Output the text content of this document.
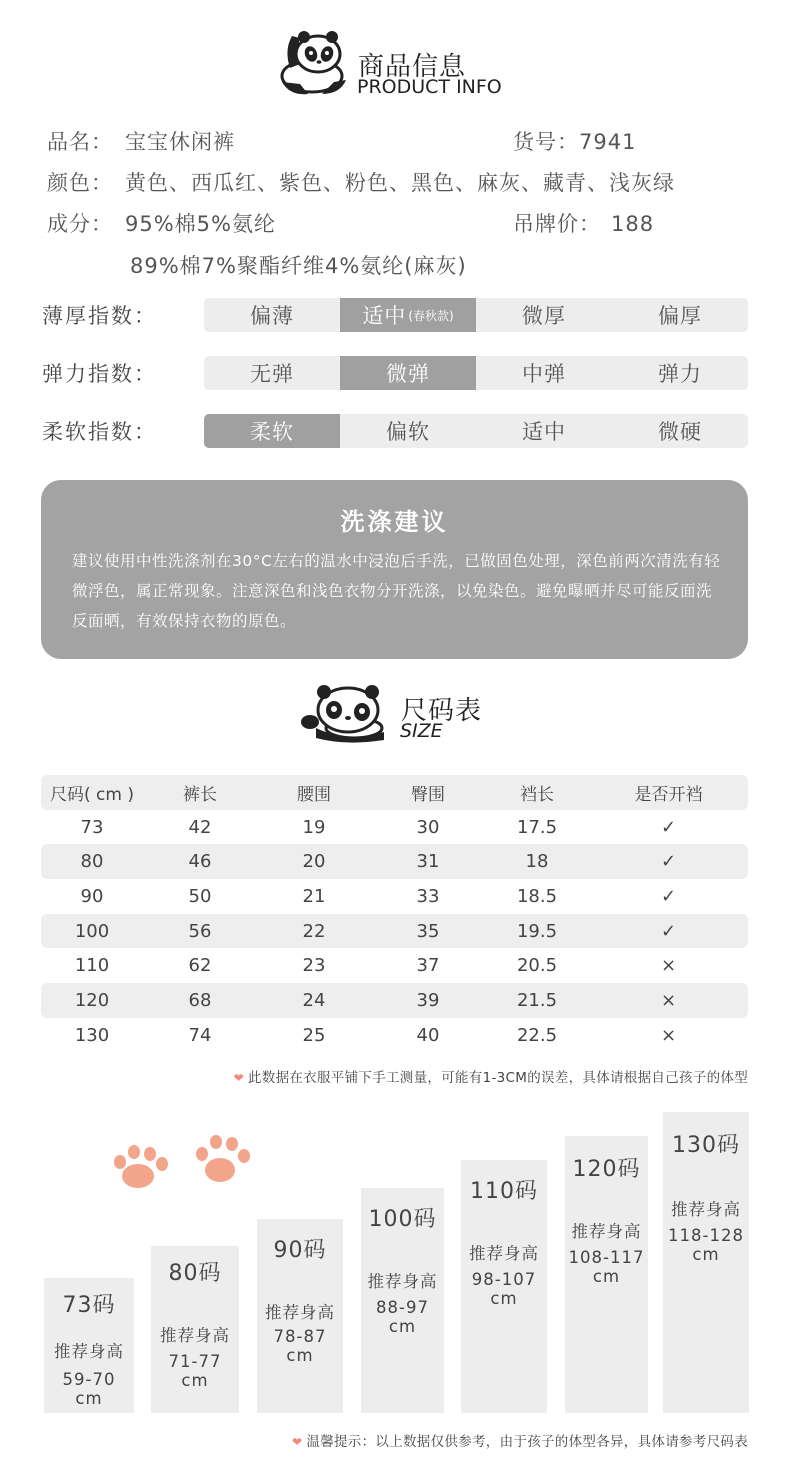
商品信息
PRODUCT INFO
品名： 宝宝休闲裤	货号：7941
颜色： 黄色、西瓜红、紫色、粉色、黑色、麻灰、藏青、浅灰绿
成分： 95%棉5%氨纶	吊牌价： 188
89%棉7%聚酯纤维4%氨纶(麻灰)
薄厚指数：	偏薄	适中 (春秋款)	微厚	偏厚
弹力指数：	无弹	微弹	中弹	弹力
柔软指数：	柔软	偏软	适中	微硬
洗涤建议
建议使用中性洗涤剂在30°C左右的温水中浸泡后手洗，已做固色处理，深色前两次清洗有轻微浮色，属正常现象。注意深色和浅色衣物分开洗涤，以免染色。避免曝晒并尽可能反面洗反面晒，有效保持衣物的原色。
尺码表
SIZE
尺码( cm )	裤长	腰围	臀围	裆长	是否开裆
73	42	19	30	17.5	✓
80	46	20	31	18	✓
90	50	21	33	18.5	✓
100	56	22	35	19.5	✓
110	62	23	37	20.5	×
120	68	24	39	21.5	×
130	74	25	40	22.5	×
❤ 此数据在衣服平铺下手工测量，可能有1-3CM的误差，具体请根据自己孩子的体型
73码
推荐身高
59-70
cm
80码
推荐身高
71-77
cm
90码
推荐身高
78-87
cm
100码
推荐身高
88-97
cm
110码
推荐身高
98-107
cm
120码
推荐身高
108-117
cm
130码
推荐身高
118-128
cm
❤ 温馨提示：以上数据仅供参考，由于孩子的体型各异，具体请参考尺码表
